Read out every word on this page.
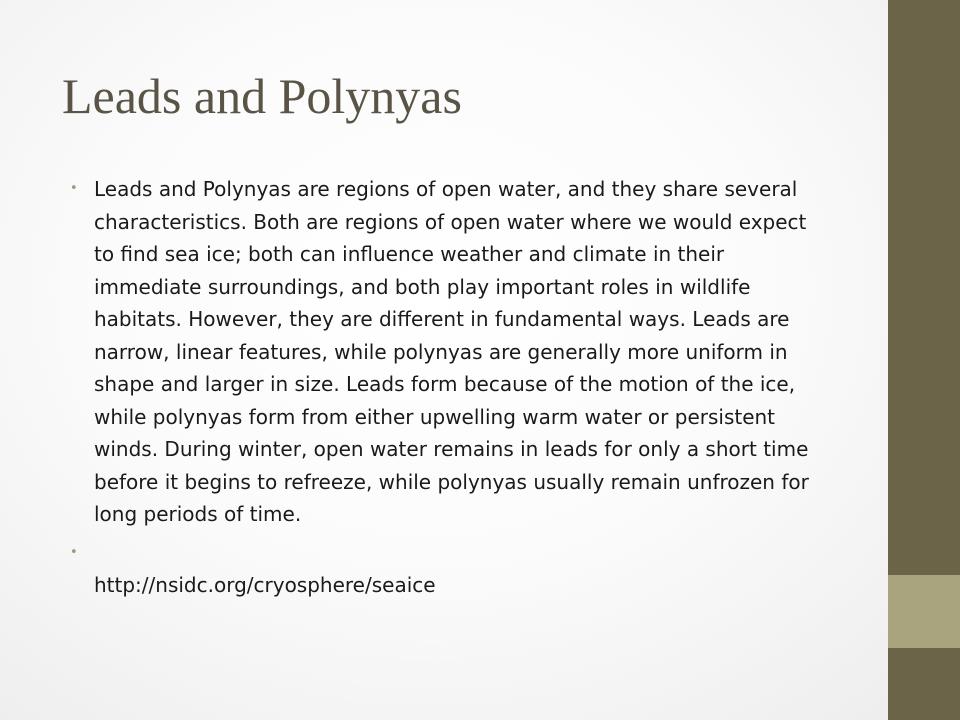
Leads and Polynyas
• Leads and Polynyas are regions of open water, and they share several characteristics. Both are regions of open water where we would expect to find sea ice; both can influence weather and climate in their immediate surroundings, and both play important roles in wildlife habitats. However, they are different in fundamental ways. Leads are narrow, linear features, while polynyas are generally more uniform in shape and larger in size. Leads form because of the motion of the ice, while polynyas form from either upwelling warm water or persistent winds. During winter, open water remains in leads for only a short time before it begins to refreeze, while polynyas usually remain unfrozen for long periods of time.
•
http://nsidc.org/cryosphere/seaice
